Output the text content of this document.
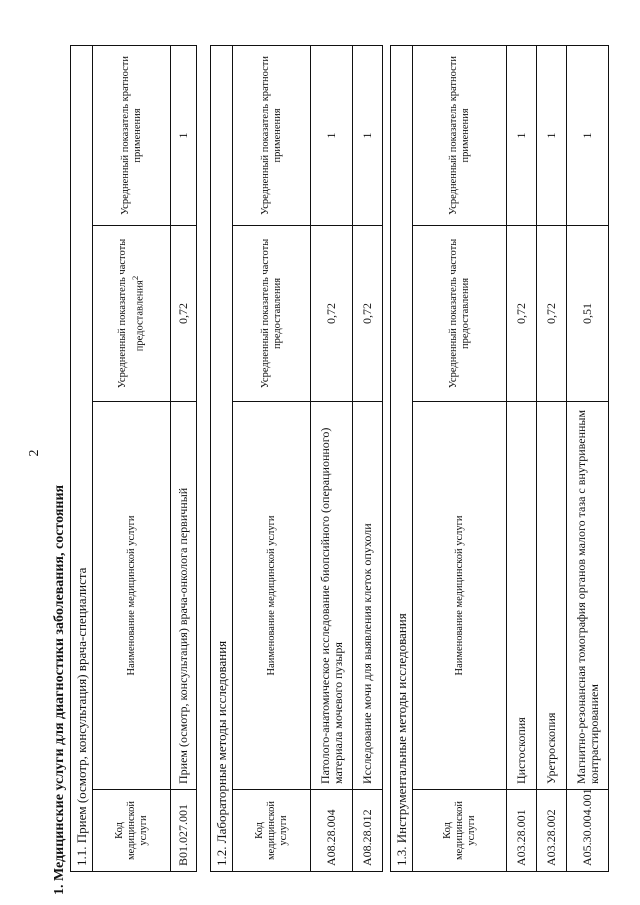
2
1. Медицинские услуги для диагностики заболевания, состояния 1.1. Прием (осмотр, консультация) врача-специалиста			
Код медицинской услуги	Наименование медицинской услуги	Усредненный показатель частоты предоставления$^2$	Усредненный показатель кратности применения
B01.027.001	Прием (осмотр, консультация) врача-онколога первичный	0,72	1
1.2. Лабораторные методы исследования			
Код медицинской услуги	Наименование медицинской услуги	Усредненный показатель частоты предоставления	Усредненный показатель кратности применения
A08.28.004	Патолого-анатомическое исследование биопсийного (операционного) материала мочевого пузыря	0,72	1
A08.28.012	Исследование мочи для выявления клеток опухоли	0,72	1
1.3. Инструментальные методы исследования			
Код медицинской услуги	Наименование медицинской услуги	Усредненный показатель частоты предоставления	Усредненный показатель кратности применения
A03.28.001	Цистоскопия	0,72	1
A03.28.002	Уретроскопия	0,72	1
A05.30.004.001	Магнитно-резонансная томография органов малого таза с внутривенным контрастированием	0,51	1
